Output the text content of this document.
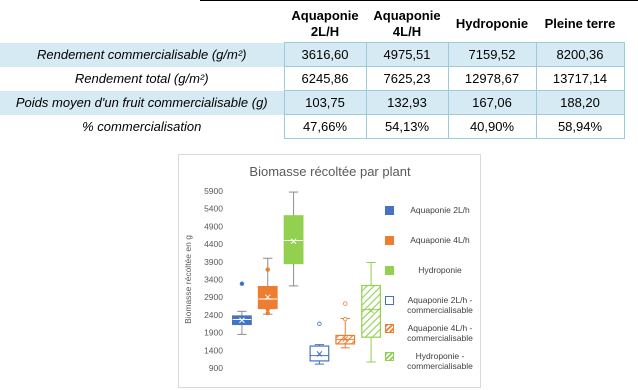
	Aquaponie 2L/H	Aquaponie 4L/H	Hydroponie	Pleine terre
Rendement commercialisable (g/m²)	3616,60	4975,51	7159,52	8200,36
Rendement total (g/m²)	6245,86	7625,23	12978,67	13717,14
Poids moyen d'un fruit commercialisable (g)	103,75	132,93	167,06	188,20
% commercialisation	47,66%	54,13%	40,90%	58,94%
Biomasse récoltée par plant
5900
5400
4900
4400
3900
3400
2900
2400
1900
1400
900
Biomasse récoltée en g
Aquaponie 2L/h
Aquaponie 4L/h
Hydroponie
Aquaponie 2L/h - commercialisable
Aquaponie 4L/h - commercialisable
Hydroponie - commercialisable
